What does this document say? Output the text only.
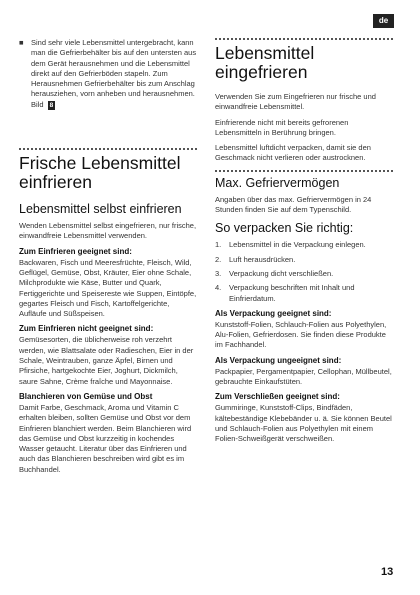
de
■ Sind sehr viele Lebensmittel untergebracht, kann man die Gefrierbehälter bis auf den untersten aus dem Gerät herausnehmen und die Lebensmittel direkt auf den Gefrierböden stapeln. Zum Herausnehmen Gefrierbehälter bis zum Anschlag herausziehen, vorn anheben und herausnehmen. Bild 8
Frische Lebensmittel einfrieren
Lebensmittel selbst einfrieren
Wenden Lebensmittel selbst eingefrieren, nur frische, einwandfreie Lebensmittel verwenden.
Zum Einfrieren geeignet sind:
Backwaren, Fisch und Meeresfrüchte, Fleisch, Wild, Geflügel, Gemüse, Obst, Kräuter, Eier ohne Schale, Milchprodukte wie Käse, Butter und Quark, Fertiggerichte und Speisereste wie Suppen, Eintöpfe, gegartes Fleisch und Fisch, Kartoffelgerichte, Aufläufe und Süßspeisen.
Zum Einfrieren nicht geeignet sind:
Gemüsesorten, die üblicherweise roh verzehrt werden, wie Blattsalate oder Radieschen, Eier in der Schale, Weintrauben, ganze Äpfel, Birnen und Pfirsiche, hartgekochte Eier, Joghurt, Dickmilch, saure Sahne, Crème fraîche und Mayonnaise.
Blanchieren von Gemüse und Obst
Damit Farbe, Geschmack, Aroma und Vitamin C erhalten bleiben, sollten Gemüse und Obst vor dem Einfrieren blanchiert werden. Beim Blanchieren wird das Gemüse und Obst kurzzeitig in kochendes Wasser getaucht. Literatur über das Einfrieren und auch das Blanchieren beschreiben wird gibt es im Buchhandel.
Lebensmittel eingefrieren
Verwenden Sie zum Eingefrieren nur frische und einwandfreie Lebensmittel.
Einfrierende nicht mit bereits gefrorenen Lebensmitteln in Berührung bringen.
Lebensmittel luftdicht verpacken, damit sie den Geschmack nicht verlieren oder austrocknen.
Max. Gefriervermögen
Angaben über das max. Gefriervermögen in 24 Stunden finden Sie auf dem Typenschild.
So verpacken Sie richtig:
1.	Lebensmittel in die Verpackung einlegen.
2.	Luft herausdrücken.
3.	Verpackung dicht verschließen.
4.	Verpackung beschriften mit Inhalt und Einfrierdatum.
Als Verpackung geeignet sind:
Kunststoff-Folien, Schlauch-Folien aus Polyethylen, Alu-Folien, Gefrierdosen. Sie finden diese Produkte im Fachhandel.
Als Verpackung ungeeignet sind:
Packpapier, Pergamentpapier, Cellophan, Müllbeutel, gebrauchte Einkaufstüten.
Zum Verschließen geeignet sind:
Gummiringe, Kunststoff-Clips, Bindfäden, kältebeständige Klebebänder u. ä. Sie können Beutel und Schlauch-Folien aus Polyethylen mit einem Folien-Schweißgerät verschweißen.
13
